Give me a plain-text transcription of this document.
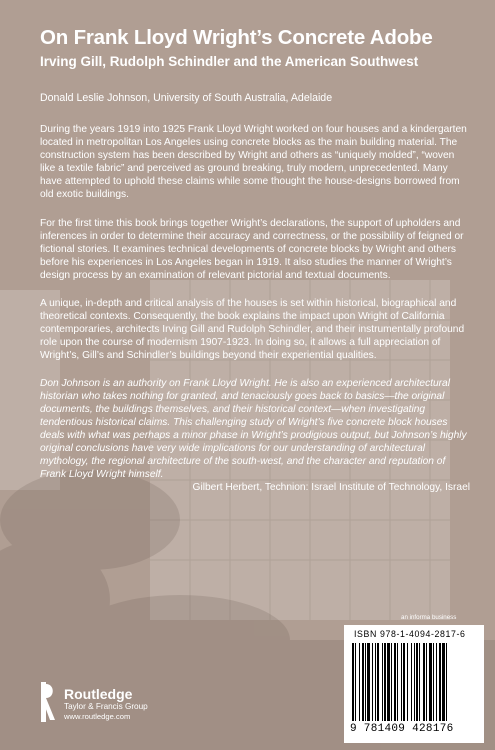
On Frank Lloyd Wright’s Concrete Adobe
Irving Gill, Rudolph Schindler and the American Southwest

Donald Leslie Johnson, University of South Australia, Adelaide

During the years 1919 into 1925 Frank Lloyd Wright worked on four houses and a kindergarten located in metropolitan Los Angeles using concrete blocks as the main building material. The construction system has been described by Wright and others as “uniquely molded”, “woven like a textile fabric” and perceived as ground breaking, truly modern, unprecedented. Many have attempted to uphold these claims while some thought the house-designs borrowed from old exotic buildings.

For the first time this book brings together Wright’s declarations, the support of upholders and inferences in order to determine their accuracy and correctness, or the possibility of feigned or fictional stories. It examines technical developments of concrete blocks by Wright and others before his experiences in Los Angeles began in 1919. It also studies the manner of Wright’s design process by an examination of relevant pictorial and textual documents.

A unique, in-depth and critical analysis of the houses is set within historical, biographical and theoretical contexts. Consequently, the book explains the impact upon Wright of California contemporaries, architects Irving Gill and Rudolph Schindler, and their instrumentally profound role upon the course of modernism 1907-1923. In doing so, it allows a full appreciation of Wright’s, Gill’s and Schindler’s buildings beyond their experiential qualities.

Don Johnson is an authority on Frank Lloyd Wright. He is also an experienced architectural historian who takes nothing for granted, and tenaciously goes back to basics—the original documents, the buildings themselves, and their historical context—when investigating tendentious historical claims. This challenging study of Wright’s five concrete block houses deals with what was perhaps a minor phase in Wright’s prodigious output, but Johnson’s highly original conclusions have very wide implications for our understanding of architectural mythology, the regional architecture of the south-west, and the character and reputation of Frank Lloyd Wright himself.

Gilbert Herbert, Technion: Israel Institute of Technology, Israel

an informa business
ISBN 978-1-4094-2817-6
9 781409 428176
Routledge
Taylor & Francis Group
www.routledge.com
